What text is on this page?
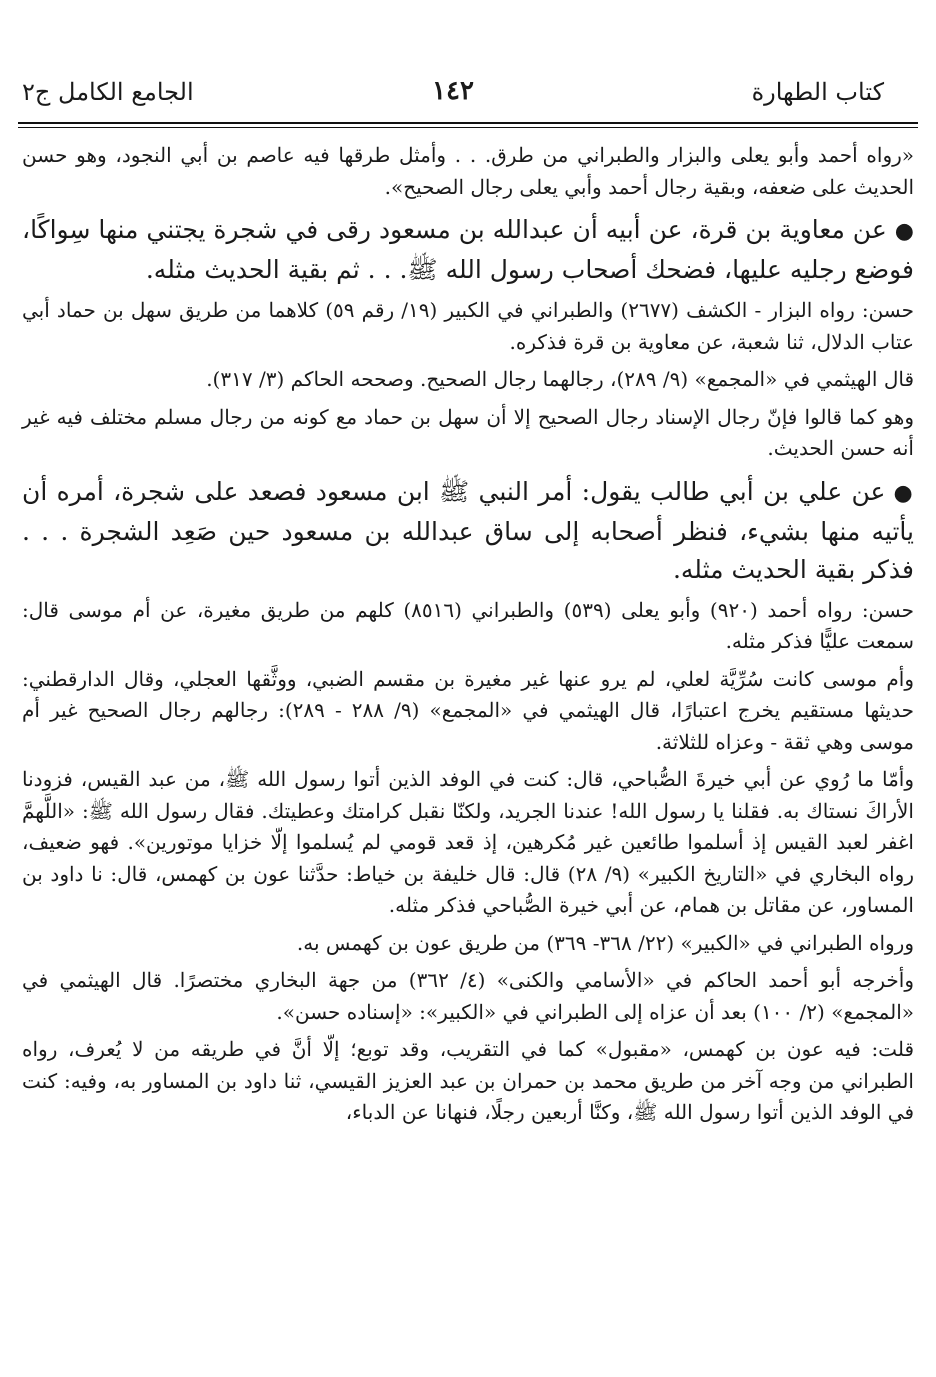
كتاب الطهارة
١٤٢
الجامع الكامل ج٢

«رواه أحمد وأبو يعلى والبزار والطبراني من طرق. . . وأمثل طرقها فيه عاصم بن أبي النجود، وهو حسن الحديث على ضعفه، وبقية رجال أحمد وأبي يعلى رجال الصحيح».

●عن معاوية بن قرة، عن أبيه أن عبدالله بن مسعود رقى في شجرة يجتني منها سِواكًا، فوضع رجليه عليها، فضحك أصحاب رسول الله ﷺ. . . ثم بقية الحديث مثله.

حسن: رواه البزار - الكشف (٢٦٧٧) والطبراني في الكبير (١٩/ رقم ٥٩) كلاهما من طريق سهل بن حماد أبي عتاب الدلال، ثنا شعبة، عن معاوية بن قرة فذكره.

قال الهيثمي في «المجمع» (٩/ ٢٨٩)، رجالهما رجال الصحيح. وصححه الحاكم (٣/ ٣١٧).

وهو كما قالوا فإنّ رجال الإسناد رجال الصحيح إلا أن سهل بن حماد مع كونه من رجال مسلم مختلف فيه غير أنه حسن الحديث.

●عن علي بن أبي طالب يقول: أمر النبي ﷺ ابن مسعود فصعد على شجرة، أمره أن يأتيه منها بشيء، فنظر أصحابه إلى ساق عبدالله بن مسعود حين صَعِد الشجرة . . . فذكر بقية الحديث مثله.

حسن: رواه أحمد (٩٢٠) وأبو يعلى (٥٣٩) والطبراني (٨٥١٦) كلهم من طريق مغيرة، عن أم موسى قال: سمعت عليًّا فذكر مثله.

وأم موسى كانت سُرِّيَّة لعلي، لم يرو عنها غير مغيرة بن مقسم الضبي، ووثَّقها العجلي، وقال الدارقطني: حديثها مستقيم يخرج اعتبارًا، قال الهيثمي في «المجمع» (٩/ ٢٨٨ - ٢٨٩): رجالهم رجال الصحيح غير أم موسى وهي ثقة - وعزاه للثلاثة.

وأمّا ما رُوي عن أبي خيرةَ الصُّباحي، قال: كنت في الوفد الذين أتوا رسول الله ﷺ، من عبد القيس، فزودنا الأراكَ نستاك به. فقلنا يا رسول الله! عندنا الجريد، ولكنّا نقبل كرامتك وعطيتك. فقال رسول الله ﷺ: «اللَّهمَّ اغفر لعبد القيس إذ أسلموا طائعين غير مُكرهين، إذ قعد قومي لم يُسلموا إلّا خزايا موتورين». فهو ضعيف، رواه البخاري في «التاريخ الكبير» (٩/ ٢٨) قال: قال خليفة بن خياط: حدَّثنا عون بن كهمس، قال: نا داود بن المساور، عن مقاتل بن همام، عن أبي خيرة الصُّباحي فذكر مثله.

ورواه الطبراني في «الكبير» (٢٢/ ٣٦٨- ٣٦٩) من طريق عون بن كهمس به.

وأخرجه أبو أحمد الحاكم في «الأسامي والكنى» (٤/ ٣٦٢) من جهة البخاري مختصرًا. قال الهيثمي في «المجمع» (٢/ ١٠٠) بعد أن عزاه إلى الطبراني في «الكبير»: «إسناده حسن».

قلت: فيه عون بن كهمس، «مقبول» كما في التقريب، وقد توبع؛ إلّا أنَّ في طريقه من لا يُعرف، رواه الطبراني من وجه آخر من طريق محمد بن حمران بن عبد العزيز القيسي، ثنا داود بن المساور به، وفيه: كنت في الوفد الذين أتوا رسول الله ﷺ، وكنَّا أربعين رجلًا، فنهانا عن الدباء،
